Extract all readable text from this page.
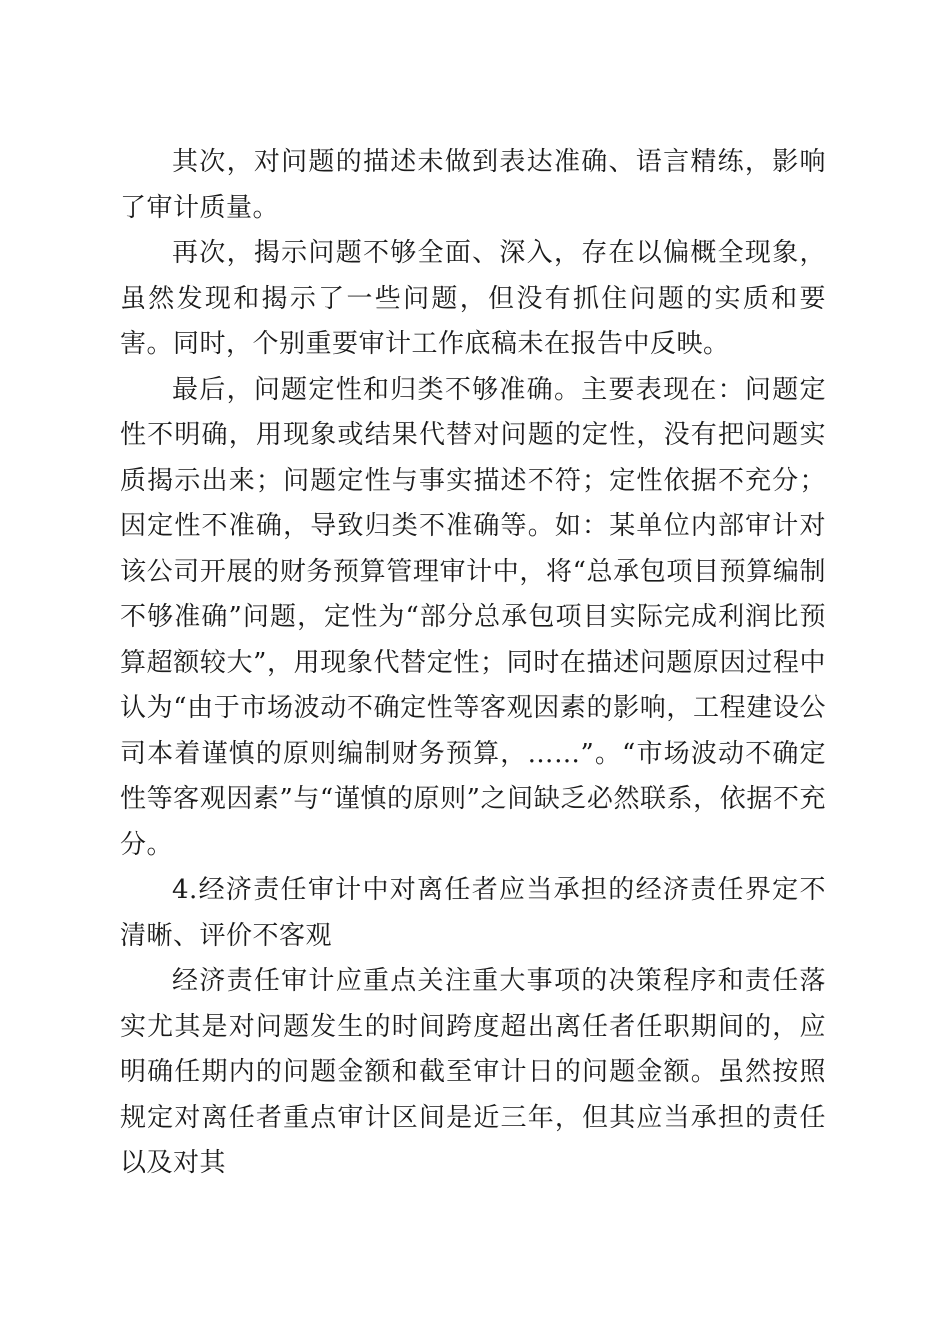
其次，对问题的描述未做到表达准确、语言精练，影响了审计质量。

再次，揭示问题不够全面、深入，存在以偏概全现象，虽然发现和揭示了一些问题，但没有抓住问题的实质和要害。同时，个别重要审计工作底稿未在报告中反映。

最后，问题定性和归类不够准确。主要表现在：问题定性不明确，用现象或结果代替对问题的定性，没有把问题实质揭示出来；问题定性与事实描述不符；定性依据不充分；因定性不准确，导致归类不准确等。如：某单位内部审计对该公司开展的财务预算管理审计中，将“总承包项目预算编制不够准确”问题，定性为“部分总承包项目实际完成利润比预算超额较大”，用现象代替定性；同时在描述问题原因过程中认为“由于市场波动不确定性等客观因素的影响，工程建设公司本着谨慎的原则编制财务预算，……”。“市场波动不确定性等客观因素”与“谨慎的原则”之间缺乏必然联系，依据不充分。

4.经济责任审计中对离任者应当承担的经济责任界定不清晰、评价不客观

经济责任审计应重点关注重大事项的决策程序和责任落实尤其是对问题发生的时间跨度超出离任者任职期间的，应明确任期内的问题金额和截至审计日的问题金额。虽然按照规定对离任者重点审计区间是近三年，但其应当承担的责任以及对其
